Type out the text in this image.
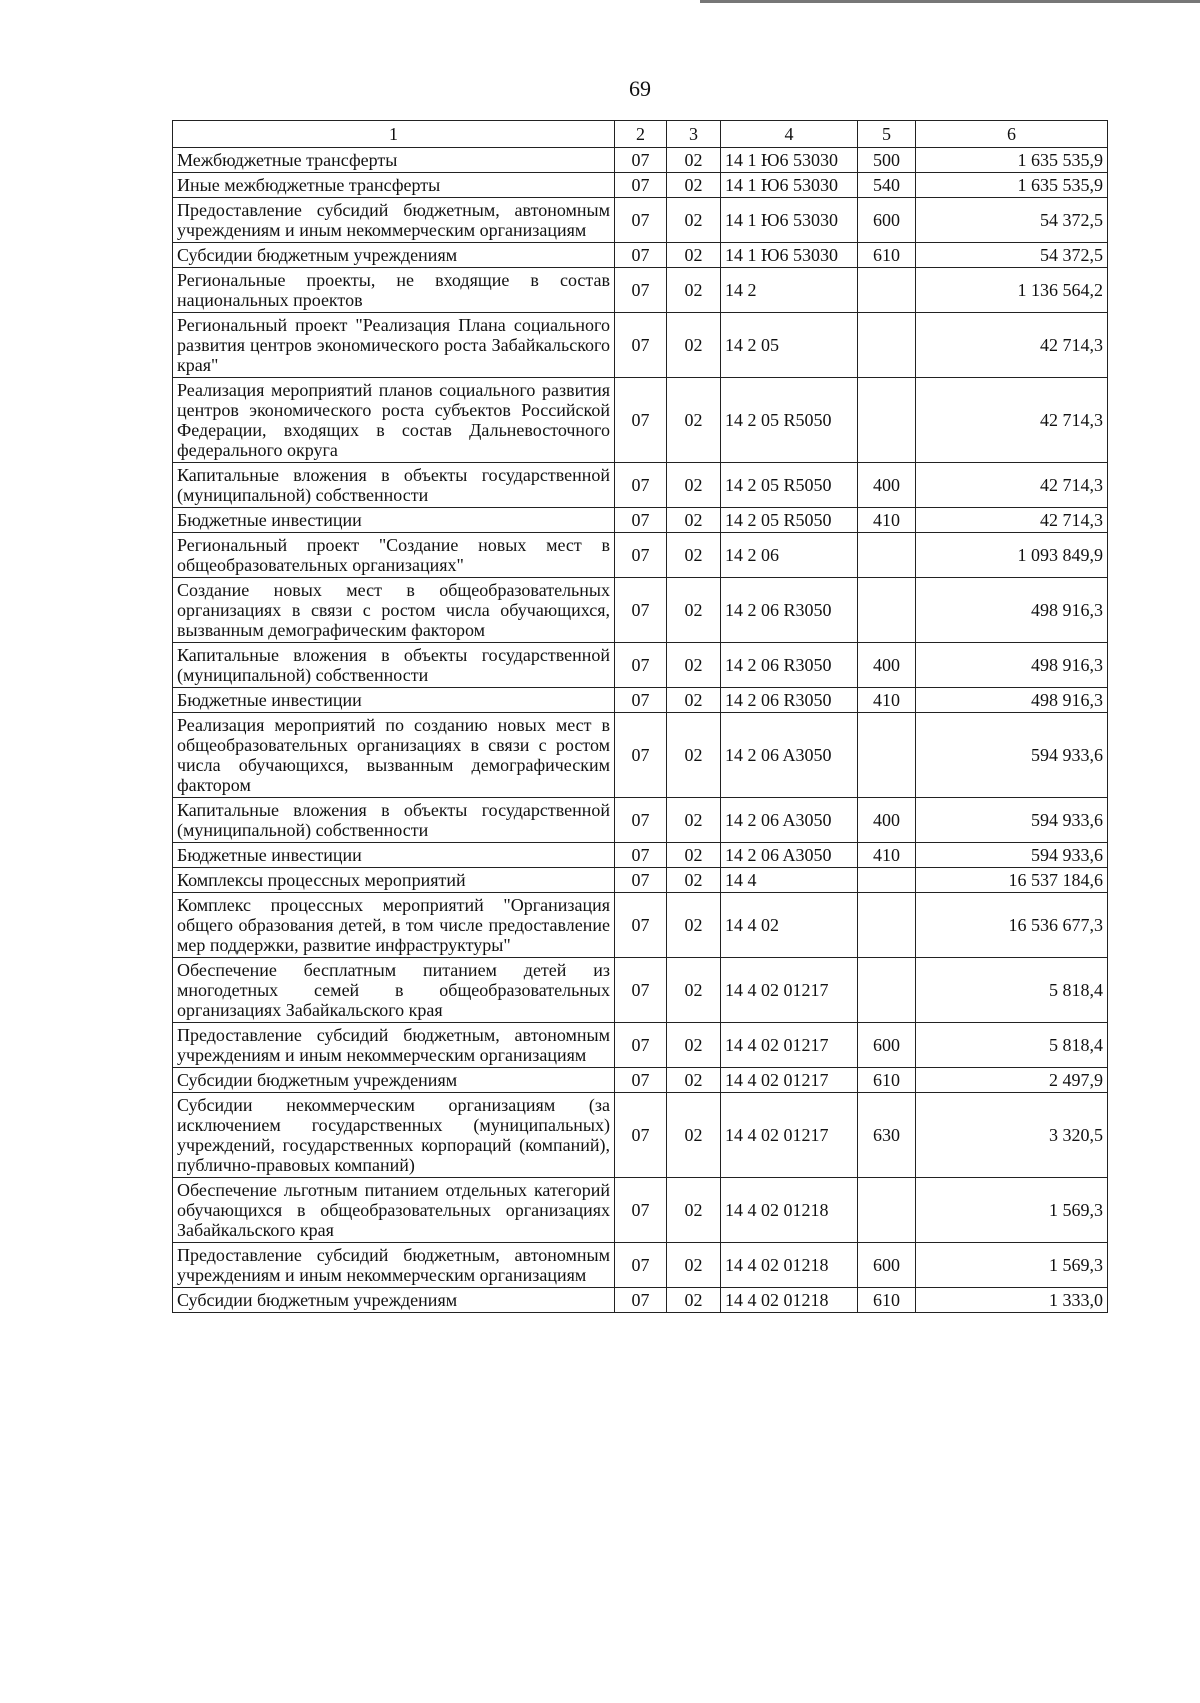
69
1	2	3	4	5	6
Межбюджетные трансферты	07	02	14 1 Ю6 53030	500	1 635 535,9
Иные межбюджетные трансферты	07	02	14 1 Ю6 53030	540	1 635 535,9
Предоставление субсидий бюджетным, автономным учреждениям и иным некоммерческим организациям	07	02	14 1 Ю6 53030	600	54 372,5
Субсидии бюджетным учреждениям	07	02	14 1 Ю6 53030	610	54 372,5
Региональные проекты, не входящие в состав национальных проектов	07	02	14 2		1 136 564,2
Региональный проект "Реализация Плана социального развития центров экономического роста Забайкальского края"	07	02	14 2 05		42 714,3
Реализация мероприятий планов социального развития центров экономического роста субъектов Российской Федерации, входящих в состав Дальневосточного федерального округа	07	02	14 2 05 R5050		42 714,3
Капитальные вложения в объекты государственной (муниципальной) собственности	07	02	14 2 05 R5050	400	42 714,3
Бюджетные инвестиции	07	02	14 2 05 R5050	410	42 714,3
Региональный проект "Создание новых мест в общеобразовательных организациях"	07	02	14 2 06		1 093 849,9
Создание новых мест в общеобразовательных организациях в связи с ростом числа обучающихся, вызванным демографическим фактором	07	02	14 2 06 R3050		498 916,3
Капитальные вложения в объекты государственной (муниципальной) собственности	07	02	14 2 06 R3050	400	498 916,3
Бюджетные инвестиции	07	02	14 2 06 R3050	410	498 916,3
Реализация мероприятий по созданию новых мест в общеобразовательных организациях в связи с ростом числа обучающихся, вызванным демографическим фактором	07	02	14 2 06 A3050		594 933,6
Капитальные вложения в объекты государственной (муниципальной) собственности	07	02	14 2 06 A3050	400	594 933,6
Бюджетные инвестиции	07	02	14 2 06 A3050	410	594 933,6
Комплексы процессных мероприятий	07	02	14 4		16 537 184,6
Комплекс процессных мероприятий "Организация общего образования детей, в том числе предоставление мер поддержки, развитие инфраструктуры"	07	02	14 4 02		16 536 677,3
Обеспечение бесплатным питанием детей из многодетных семей в общеобразовательных организациях Забайкальского края	07	02	14 4 02 01217		5 818,4
Предоставление субсидий бюджетным, автономным учреждениям и иным некоммерческим организациям	07	02	14 4 02 01217	600	5 818,4
Субсидии бюджетным учреждениям	07	02	14 4 02 01217	610	2 497,9
Субсидии некоммерческим организациям (за исключением государственных (муниципальных) учреждений, государственных корпораций (компаний), публично-правовых компаний)	07	02	14 4 02 01217	630	3 320,5
Обеспечение льготным питанием отдельных категорий обучающихся в общеобразовательных организациях Забайкальского края	07	02	14 4 02 01218		1 569,3
Предоставление субсидий бюджетным, автономным учреждениям и иным некоммерческим организациям	07	02	14 4 02 01218	600	1 569,3
Субсидии бюджетным учреждениям	07	02	14 4 02 01218	610	1 333,0
